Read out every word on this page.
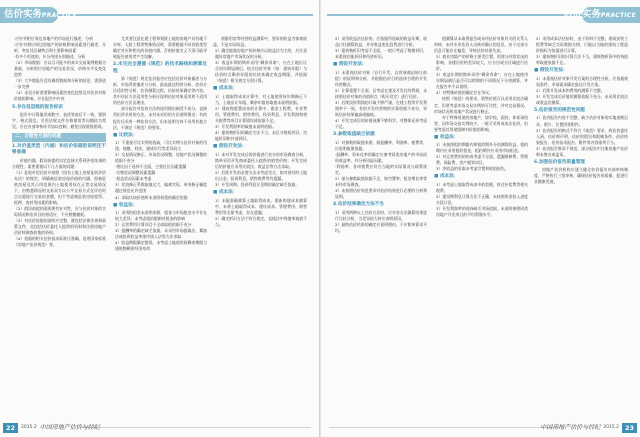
估价实务PRACTICE

·应针对相应周边房地产的市场进行描述、分析

·应针对相应周边房地产的价格影响因素进行描述、分析，突出其区域特点和主要影响因素

·有多个用途的，应分用途分别描述、分析

（2）市场数据：应以尽可能多的真实交易案例数据为基础，分析相应房地产的交易状况、价格水平及变化趋势

（3）大多数报告没有确切数据和分析的结论，需要进一步完善

（4）未见分析重要影响因素的变化趋势及对估价对象价值的影响，应在报告中补充

5.存在低层级的报告标识

报告中计算描述或数字、表述等前后不一致，错别字、格式混乱、引用法规文件名称错误等问题较为常见，应在内部审核环节加以控制，避免出现低级错误。

二、合理性方面的问题
1.对价值类型（内涵）和估价依据的说明还不够准确

价值内涵、假设前提的设定直接关系到评估结果的合理性，需要重视以下几方面的问题：

（1）征收补偿估价应按照《国有土地上房屋征收评估办法》的规定，明确被征收房屋价值的内涵，即被征收房屋及其占用范围内土地使用权在正常交易情况下，由熟悉情况的交易双方以公平交易方式在评估时点自愿进行交易的金额，但不考虑被征收房屋租赁、抵押、查封等因素的影响。

（2）假设前提的说明要有针对性，应与估价对象的实际情况和估价目的相适应，不应照搬模板。

（3）对估价依据的说明应完整，既包括法律法规和政策文件，也包括估价委托人提供的资料和注册房地产估价师调查收集的资料。

（4）依据的相关估价技术标准应准确，选用国家标准《房地产估价规范》等。

尤其要注意在建工程和划拨土地的房地产具有地下车库、人防工程等特殊情况时，需要根据不同价值类型确定对应和相关的价值内涵，否则价值定义不清可能导致报告使用者产生误解。

2.未见完全遵循《规范》的技术路线和测算过程

第《规范》规定估价报告应包括估价对象描述与分析、市场背景描述与分析、最高最佳利用分析、估价方法适用性分析、估价测算过程、估价结果确定等内容。其中估价方法适用性分析应说明估价对象适用和不适用的估价方法及理由。

部分报告对估价方法的选用理由阐述不充分，直接列出所采用的方法，未对未采用的方法说明理由；有的报告仅采用一种估价方法，但未说明为何不采用其他方法，不满足《规范》的要求。

■ 比较法：

1）不重视可比实例的选取，可比实例与估价对象的用途、规模、档次、建成年代等差异较大

2）交易情况修正、市场状况调整、房地产状况调整的依据不充分

·相比因子选择不全面，主要区位因素遗漏

·实物状况调整因素遗漏

·权益状况因素未考虑

3）比较修正系数取值过大、偏离实际，单项修正幅度超过规范允许范围

4）求取比较价值时未说明权重的确定依据

■ 收益法：

1）采用的租金未说明来源，租金与市场租金水平存在较大差异；未考虑租约限制对租金的影响

2）运营费用计算项目不全或取值依据不充分

3）报酬率的确定缺乏依据，未采用市场提取法、累加法或投资收益率排序插入法等方法求取

4）收益期限确定错误，未考虑土地使用权剩余期限与建筑物剩余经济寿命

商服用房等经营收益测算中，要求的收益为客观收益，不是实际收益。

2）确定能做房地产的价格应以收益法为主的，应注意做好房地产市场状况的分析。

3）收益年期的简单采用“剩余寿命”，应在土地出让合同年期届满后，结合估价对象（如：建筑年限）与估价时点剩余年限的比较来确定收益期限，并依据《规范》相关规定分别计算。

■ 成本法：

1）土地取得成本计算中，对土地使用权年期修正不当，土地出让年限、剩余年限的取值未说明依据。

2）建筑物重置成本的计算中，建安工程费、专业费用、管理费用、销售费用、投资利息、开发利润和相关税费等项目计算错误或依据不足。

3）开发利润率的取值未说明依据。

4）建筑物折旧的确定方法不当，未区分物质折旧、功能折旧和外部折旧。

■ 假设开发法：

1）未对开发完成后的价值进行充分的市场调查分析，简单采用开发商或委托人提供的销售价格；开发完成后的价值应采用比较法、收益法等方法求取。

2）后续开发的必要支出未考虑完全，如对预付的土地出让金、投资利息、销售税费等有遗漏。

3）开发周期、投资利息计息期的确定缺乏依据。

■ 成本法：

1）未能准确测算土地取得成本，重新购建成本测算中，未将土地取得成本、建设成本、管理费用、销售费用等全面考虑，存在遗漏。

2）确定折旧方法不符合规定，直线法中残值率取值不当。

22 2015.2 中国房地产估价与经纪
估价实务PRACTICE

2）采用收益法估价的，应依据所选取的收益年期、收益口径测算收益，并对收益变化趋势进行分析。

3）建筑物折旧考虑不全面，一般只考虑了物理折旧，未重视功能折旧和经济折旧。

■ 假设开发法：

1）未重视估价对象（自行开发、自营或被迫转让前提）的说明和分析，并根据估价目的选择合理的开发经营模式。

2）计算重置不全面，仅考虑在建及开发后的利润，未按照估价对象的价值时点（购买设定）进行估价。

3）后续投资利润的计取不够严谨，在建工程等开发利润率不一致，有的开发经营期的计算依据不充分，导致估价结果偏高或偏低。

4）开发完成后的价值预测不够科学，对整体还原考虑不足。

3.参数取值缺乏依据

1）对参数的取值来源，如报酬率、利润率、税费等，应说明取值依据。

·报酬率、资本化率的确定应参考同类房地产的市场投资收益率，并分析风险因素。

·利润率、各项税费应符合当地的实际情况与政策规定。

2）部分参数取值依据不足，如空置率、租金增长率等未经市场调查。

3）未按照估价规范要求对估价结果进行必要的分析和说明。

4.估价结果确定方法不当

1）采用两种以上估价方法时，应对各方法测算结果进行比较分析，当差异较大时应查明原因。

2）最终估价结果的确定应说明理由，不应简单算术平均。

值测算从未取得报告或未经估价对象有关的关系人审核、未经专业估价人员核对确认的信息，由于这部分信息可能存在偏差，导致估价结果失真。

2）商业房地产的价格主要受位置、用途与经营状况的影响，各楼层价格差异较大，应分层或分区域进行估价。

3）收益年期的简单采用“剩余寿命”，应在土地使用年期届满后是否可以续期的不同情况下分别测算，并在报告中予以说明。

4）对特殊价值的确定存在争议。

按照《规范》的要求，销售价值可以采用比较法确定，但要考虑市场交易实例的可比性，并对交易情况、市场状况和房地产状况进行修正。

对于特殊用途的房地产，如学校、医院、体育场馆等，因市场交易实例较少，一般可采用成本法估价，但要考虑其用途限制对价值的影响。

■ 收益法：

1）未按照租约期限内和租约期外分别测算收益，租约期内应采用租约租金，租约期外应采用市场租金。

2）对运营费用的构成考虑不全面，遗漏维修费、管理费、保险费、房产税等项目。

3）净收益的求取未考虑空置和收租损失。

■ 成本法：

1）未考虑土地取得成本中的契税、拆迁补偿费等相关税费。

2）建设期利息计算方法不正确，未按照资金投入进度分段计息。

3）开发利润率的选择缺乏市场依据，未说明参照同类房地产开发项目的平均利润水平。

2）采用成本法估价时，由于资料不完整，建筑安装工程费等缺乏实际数据支撑，只能以当地的建筑工程造价指标为依据进行计算。

3）建筑物折旧的计算方法不当，建筑物折旧中的残值率取值依据不足。

■ 假设开发法：

1）未重视估价对象开发方案的合理性分析，应依据规划条件、市场需求确定最佳开发方案。

2）后续开发成本和费用的测算不完整。

3）开发完成后价值的测算依据不充分，未采用比较法或收益法测算。

5.估价报告的规范性问题

1）估价报告内容不完整，缺少估价对象的实地查勘记录、照片、位置图等附件。

2）估价报告的格式不符合《规范》要求，致估价委托人函、估价师声明、估价的假设和限制条件、估价结果报告、估价技术报告、附件等内容排列不当。

3）估价报告签章不规范，部分报告中注册房地产估价师未签名或盖章。

6.加强估价报告质量管理

房地产估价机构应建立健全估价报告内部审核制度，严格执行三级审核，确保估价报告的质量，促进行业健康发展。

中国房地产估价与经纪 2015.2 23
